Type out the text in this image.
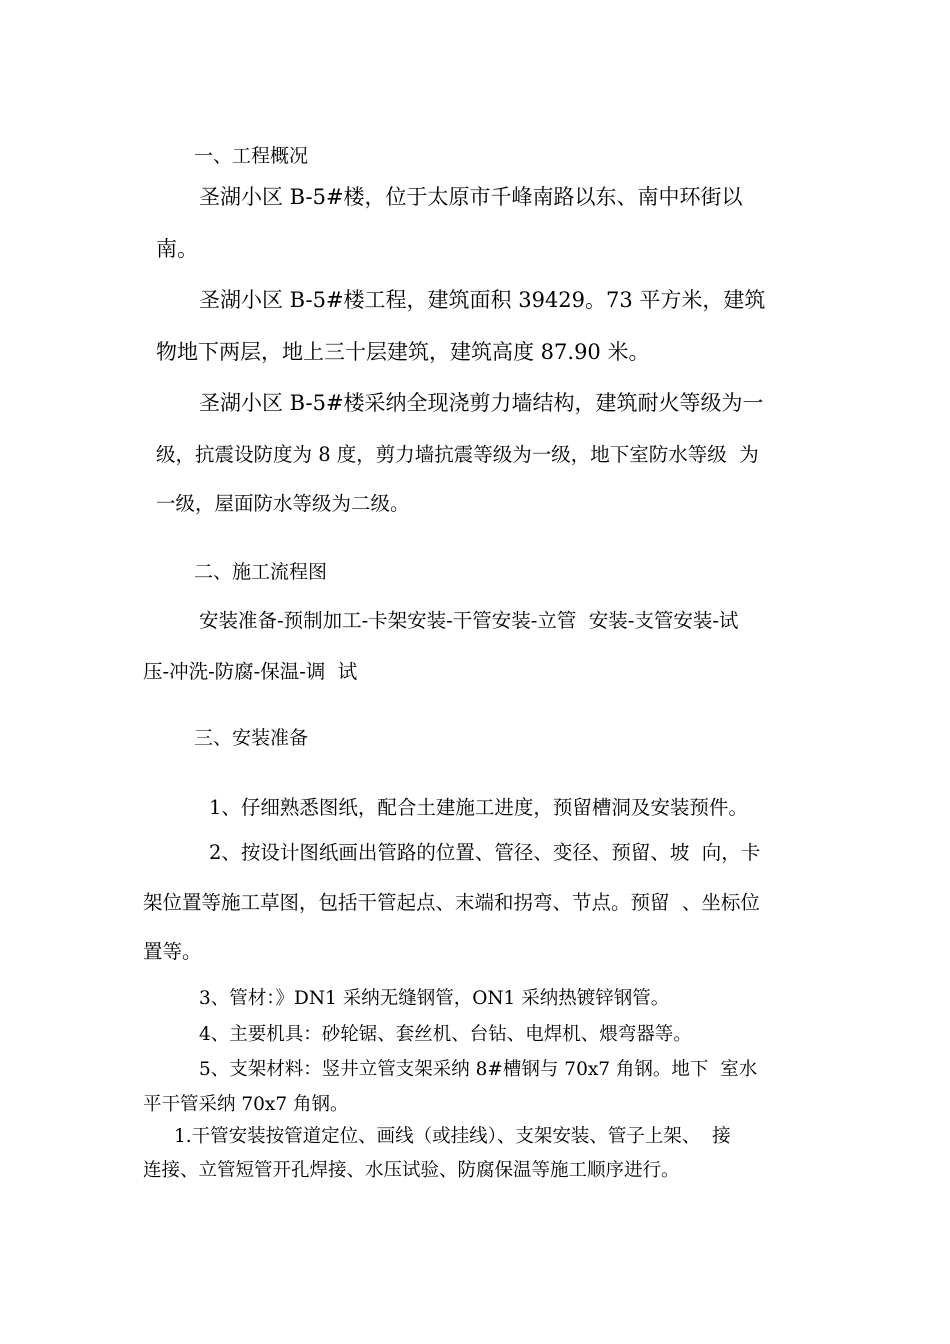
一、工程概况
圣湖小区 B-5#楼，位于太原市千峰南路以东、南中环街以
南。
圣湖小区 B-5#楼工程，建筑面积 39429。73 平方米，建筑
物地下两层，地上三十层建筑，建筑高度 87.90 米。
圣湖小区 B-5#楼采纳全现浇剪力墙结构，建筑耐火等级为一
级，抗震设防度为 8 度，剪力墙抗震等级为一级，地下室防水等级  为
一级，屋面防水等级为二级。
二、施工流程图
安装准备-预制加工-卡架安装-干管安装-立管  安装-支管安装-试
压-冲洗-防腐-保温-调  试
三、安装准备
1、仔细熟悉图纸，配合土建施工进度，预留槽洞及安装预件。
2、按设计图纸画出管路的位置、管径、变径、预留、坡  向，卡
架位置等施工草图，包括干管起点、末端和拐弯、节点。预留  、坐标位
置等。
3、管材：》DN1 采纳无缝钢管，ON1 采纳热镀锌钢管。
4、主要机具：砂轮锯、套丝机、台钻、电焊机、煨弯器等。
5、支架材料：竖井立管支架采纳 8#槽钢与 70x7 角钢。地下  室水
平干管采纳 70x7 角钢。
1.干管安装按管道定位、画线（或挂线）、支架安装、管子上架、  接
连接、立管短管开孔焊接、水压试验、防腐保温等施工顺序进行。
